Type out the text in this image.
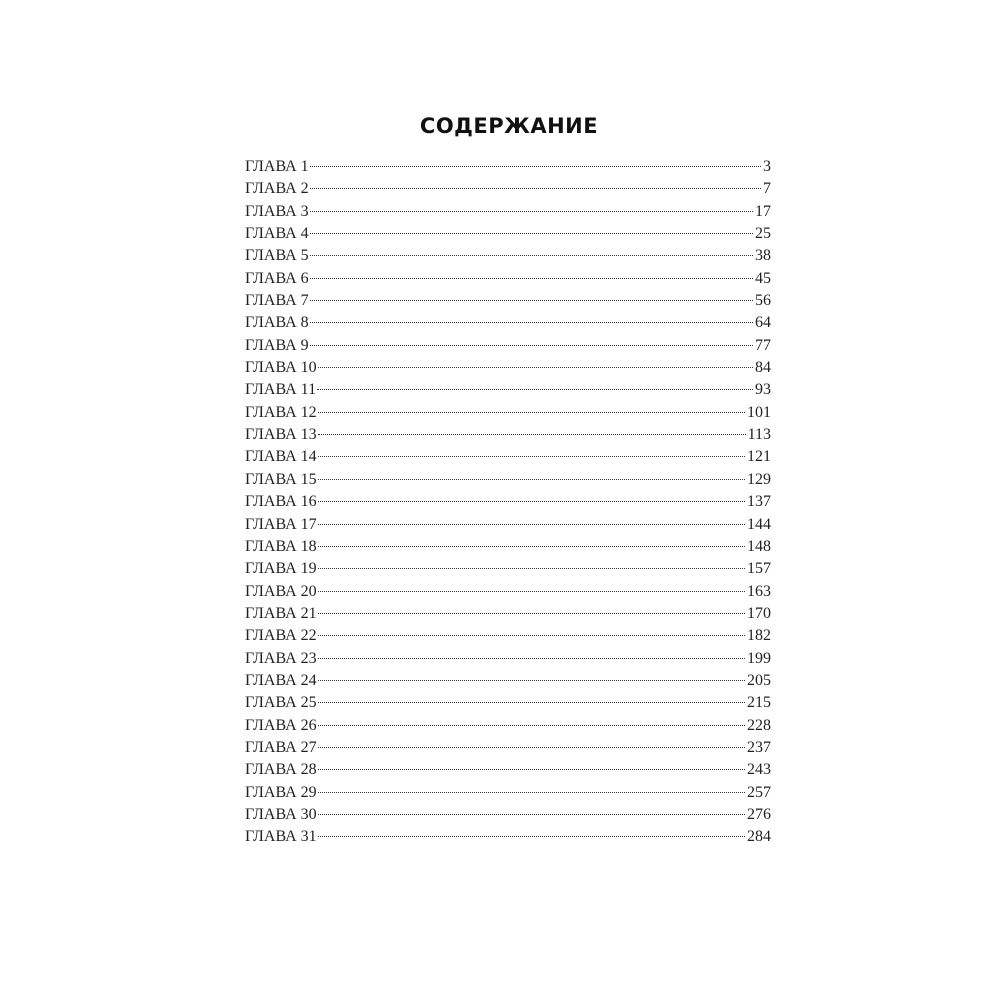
СОДЕРЖАНИЕ
ГЛАВА 1	3
ГЛАВА 2	7
ГЛАВА 3	17
ГЛАВА 4	25
ГЛАВА 5	38
ГЛАВА 6	45
ГЛАВА 7	56
ГЛАВА 8	64
ГЛАВА 9	77
ГЛАВА 10	84
ГЛАВА 11	93
ГЛАВА 12	101
ГЛАВА 13	113
ГЛАВА 14	121
ГЛАВА 15	129
ГЛАВА 16	137
ГЛАВА 17	144
ГЛАВА 18	148
ГЛАВА 19	157
ГЛАВА 20	163
ГЛАВА 21	170
ГЛАВА 22	182
ГЛАВА 23	199
ГЛАВА 24	205
ГЛАВА 25	215
ГЛАВА 26	228
ГЛАВА 27	237
ГЛАВА 28	243
ГЛАВА 29	257
ГЛАВА 30	276
ГЛАВА 31	284
